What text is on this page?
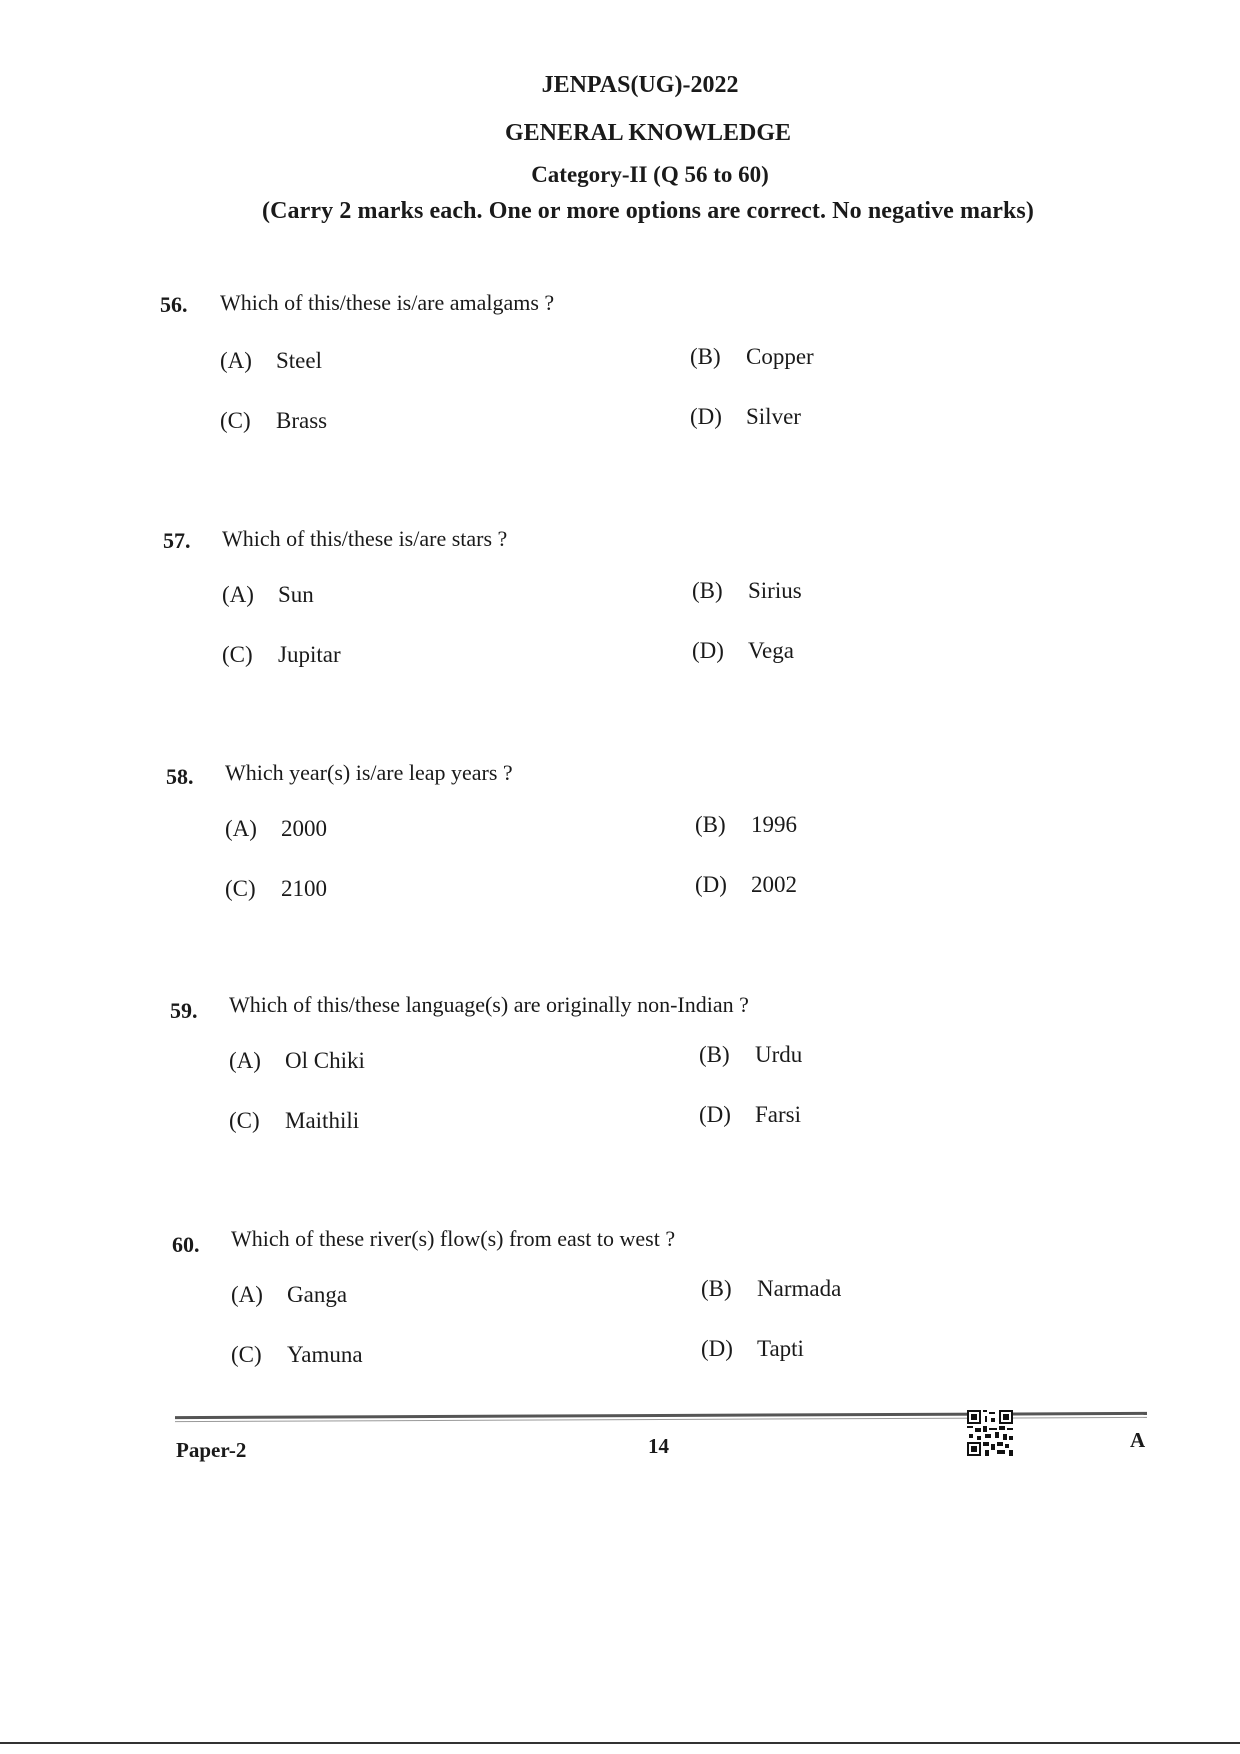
JENPAS(UG)-2022
GENERAL KNOWLEDGE
Category-II (Q 56 to 60)
(Carry 2 marks each. One or more options are correct. No negative marks)
56. Which of this/these is/are amalgams ?
(A) Steel	(B) Copper
(C) Brass	(D) Silver
57. Which of this/these is/are stars ?
(A) Sun	(B) Sirius
(C) Jupitar	(D) Vega
58. Which year(s) is/are leap years ?
(A) 2000	(B) 1996
(C) 2100	(D) 2002
59. Which of this/these language(s) are originally non-Indian ?
(A) Ol Chiki	(B) Urdu
(C) Maithili	(D) Farsi
60. Which of these river(s) flow(s) from east to west ?
(A) Ganga	(B) Narmada
(C) Yamuna	(D) Tapti
Paper-2	14	A
